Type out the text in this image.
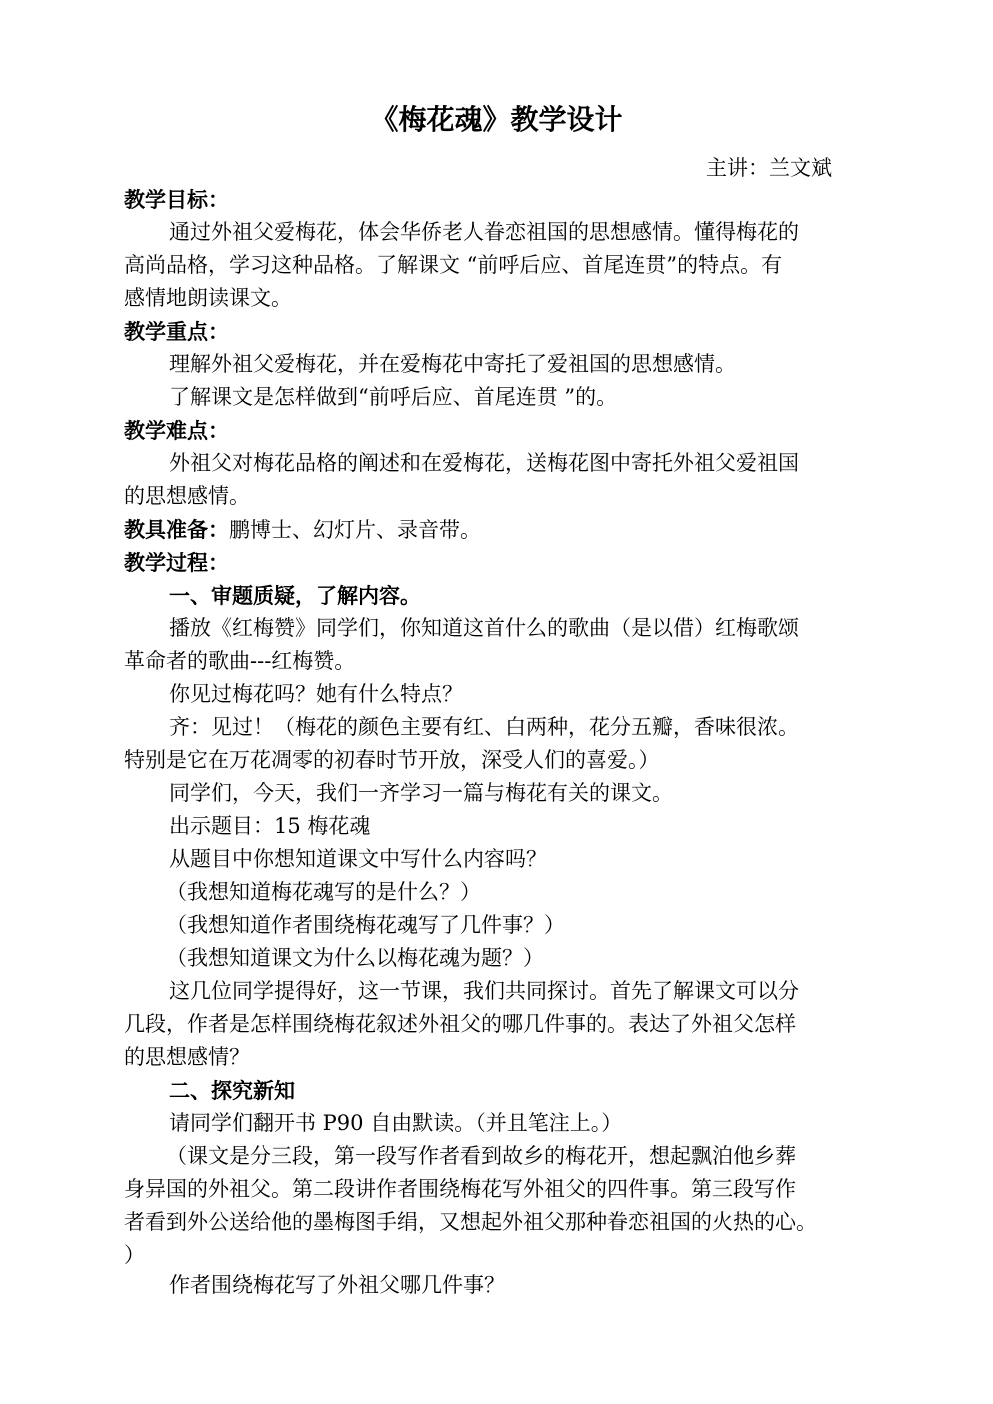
《梅花魂》教学设计
主讲：兰文斌
教学目标：
通过外祖父爱梅花，体会华侨老人眷恋祖国的思想感情。懂得梅花的
高尚品格，学习这种品格。了解课文 “前呼后应、首尾连贯”的特点。有
感情地朗读课文。
教学重点：
理解外祖父爱梅花，并在爱梅花中寄托了爱祖国的思想感情。
了解课文是怎样做到“前呼后应、首尾连贯 ”的。
教学难点：
外祖父对梅花品格的阐述和在爱梅花，送梅花图中寄托外祖父爱祖国
的思想感情。
教具准备：鹏博士、幻灯片、录音带。
教学过程：
一、审题质疑，了解内容。
播放《红梅赞》同学们，你知道这首什么的歌曲（是以借）红梅歌颂
革命者的歌曲---红梅赞。
你见过梅花吗？她有什么特点？
齐：见过！（梅花的颜色主要有红、白两种，花分五瓣，香味很浓。
特别是它在万花凋零的初春时节开放，深受人们的喜爱。）
同学们，今天，我们一齐学习一篇与梅花有关的课文。
出示题目：15 梅花魂
从题目中你想知道课文中写什么内容吗？
（我想知道梅花魂写的是什么？）
（我想知道作者围绕梅花魂写了几件事？）
（我想知道课文为什么以梅花魂为题？）
这几位同学提得好，这一节课，我们共同探讨。首先了解课文可以分
几段，作者是怎样围绕梅花叙述外祖父的哪几件事的。表达了外祖父怎样
的思想感情？
二、探究新知
请同学们翻开书 P90 自由默读。（并且笔注上。）
（课文是分三段，第一段写作者看到故乡的梅花开，想起飘泊他乡葬
身异国的外祖父。第二段讲作者围绕梅花写外祖父的四件事。第三段写作
者看到外公送给他的墨梅图手绢，又想起外祖父那种眷恋祖国的火热的心。
）
作者围绕梅花写了外祖父哪几件事？
